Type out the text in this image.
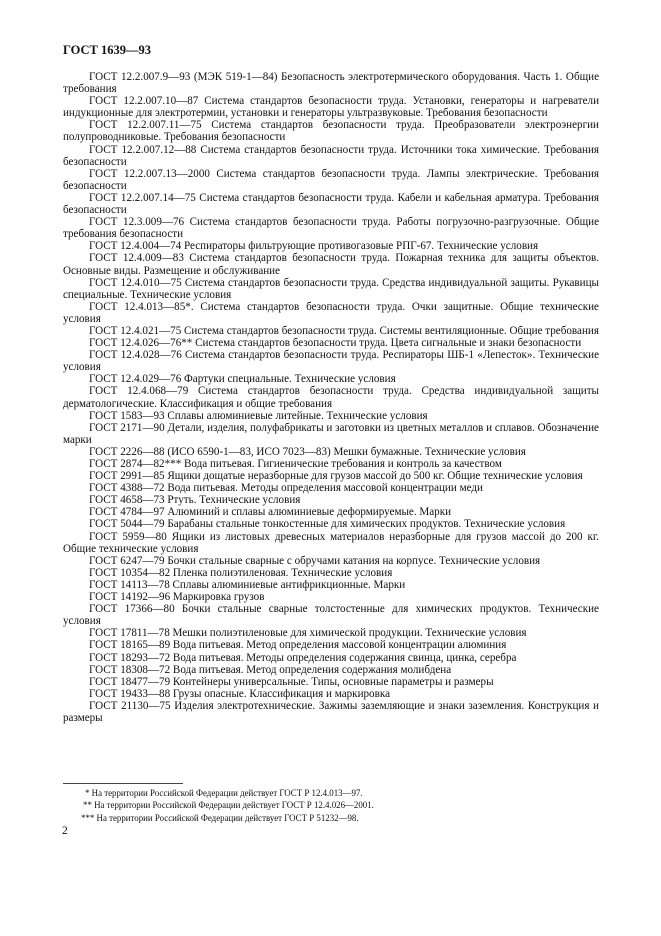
ГОСТ 1639—93

ГОСТ 12.2.007.9—93 (МЭК 519-1—84) Безопасность электротермического оборудования. Часть 1. Общие требования

ГОСТ 12.2.007.10—87 Система стандартов безопасности труда. Установки, генераторы и нагреватели индукционные для электротермии, установки и генераторы ультразвуковые. Требования безопасности

ГОСТ 12.2.007.11—75 Система стандартов безопасности труда. Преобразователи электроэнергии полупроводниковые. Требования безопасности

ГОСТ 12.2.007.12—88 Система стандартов безопасности труда. Источники тока химические. Требования безопасности

ГОСТ 12.2.007.13—2000 Система стандартов безопасности труда. Лампы электрические. Требования безопасности

ГОСТ 12.2.007.14—75 Система стандартов безопасности труда. Кабели и кабельная арматура. Требования безопасности

ГОСТ 12.3.009—76 Система стандартов безопасности труда. Работы погрузочно-разгрузочные. Общие требования безопасности

ГОСТ 12.4.004—74 Респираторы фильтрующие противогазовые РПГ-67. Технические условия

ГОСТ 12.4.009—83 Система стандартов безопасности труда. Пожарная техника для защиты объектов. Основные виды. Размещение и обслуживание

ГОСТ 12.4.010—75 Система стандартов безопасности труда. Средства индивидуальной защиты. Рукавицы специальные. Технические условия

ГОСТ 12.4.013—85*. Система стандартов безопасности труда. Очки защитные. Общие технические условия

ГОСТ 12.4.021—75 Система стандартов безопасности труда. Системы вентиляционные. Общие требования

ГОСТ 12.4.026—76** Система стандартов безопасности труда. Цвета сигнальные и знаки безопасности

ГОСТ 12.4.028—76 Система стандартов безопасности труда. Респираторы ШБ-1 «Лепесток». Технические условия

ГОСТ 12.4.029—76 Фартуки специальные. Технические условия

ГОСТ 12.4.068—79 Система стандартов безопасности труда. Средства индивидуальной защиты дерматологические. Классификация и общие требования

ГОСТ 1583—93 Сплавы алюминиевые литейные. Технические условия

ГОСТ 2171—90 Детали, изделия, полуфабрикаты и заготовки из цветных металлов и сплавов. Обозначение марки

ГОСТ 2226—88 (ИСО 6590-1—83, ИСО 7023—83) Мешки бумажные. Технические условия

ГОСТ 2874—82*** Вода питьевая. Гигиенические требования и контроль за качеством

ГОСТ 2991—85 Ящики дощатые неразборные для грузов массой до 500 кг. Общие технические условия

ГОСТ 4388—72 Вода питьевая. Методы определения массовой концентрации меди

ГОСТ 4658—73 Ртуть. Технические условия

ГОСТ 4784—97 Алюминий и сплавы алюминиевые деформируемые. Марки

ГОСТ 5044—79 Барабаны стальные тонкостенные для химических продуктов. Технические условия

ГОСТ 5959—80 Ящики из листовых древесных материалов неразборные для грузов массой до 200 кг. Общие технические условия

ГОСТ 6247—79 Бочки стальные сварные с обручами катания на корпусе. Технические условия

ГОСТ 10354—82 Пленка полиэтиленовая. Технические условия

ГОСТ 14113—78 Сплавы алюминиевые антифрикционные. Марки

ГОСТ 14192—96 Маркировка грузов

ГОСТ 17366—80 Бочки стальные сварные толстостенные для химических продуктов. Технические условия

ГОСТ 17811—78 Мешки полиэтиленовые для химической продукции. Технические условия

ГОСТ 18165—89 Вода питьевая. Метод определения массовой концентрации алюминия

ГОСТ 18293—72 Вода питьевая. Методы определения содержания свинца, цинка, серебра

ГОСТ 18308—72 Вода питьевая. Метод определения содержания молибдена

ГОСТ 18477—79 Контейнеры универсальные. Типы, основные параметры и размеры

ГОСТ 19433—88 Грузы опасные. Классификация и маркировка

ГОСТ 21130—75 Изделия электротехнические. Зажимы заземляющие и знаки заземления. Конструкция и размеры

* На территории Российской Федерации действует ГОСТ Р 12.4.013—97.

** На территории Российской Федерации действует ГОСТ Р 12.4.026—2001.

*** На территории Российской Федерации действует ГОСТ Р 51232—98.

2
